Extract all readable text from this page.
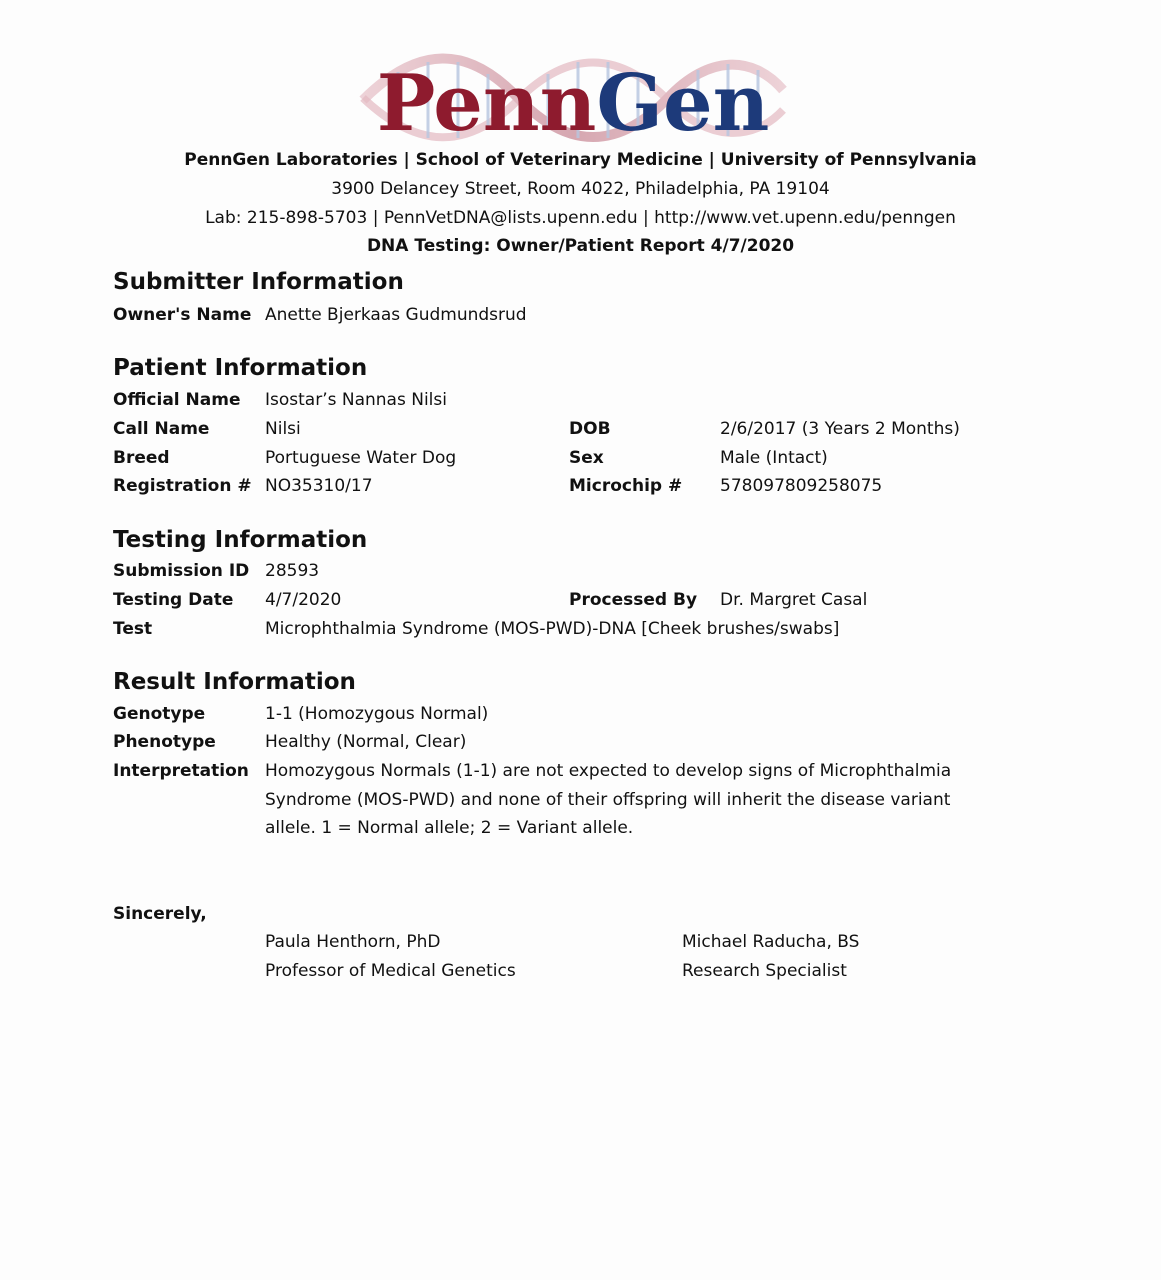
PennGen
PennGen Laboratories | School of Veterinary Medicine | University of Pennsylvania
3900 Delancey Street, Room 4022, Philadelphia, PA 19104
Lab: 215-898-5703 | PennVetDNA@lists.upenn.edu | http://www.vet.upenn.edu/penngen
DNA Testing: Owner/Patient Report 4/7/2020
Submitter Information
Owner's Name Anette Bjerkaas Gudmundsrud
Patient Information
Official Name Isostar’s Nannas Nilsi
Call Name	Nilsi	DOB	2/6/2017 (3 Years 2 Months)
Breed	Portuguese Water Dog	Sex	Male (Intact)
Registration # NO35310/17	Microchip # 578097809258075
Testing Information
Submission ID 28593
Testing Date 4/7/2020	Processed By Dr. Margret Casal
Test	Microphthalmia Syndrome (MOS-PWD)-DNA [Cheek brushes/swabs]
Result Information
Genotype	1-1 (Homozygous Normal)
Phenotype	Healthy (Normal, Clear)
Interpretation Homozygous Normals (1-1) are not expected to develop signs of Microphthalmia
Syndrome (MOS-PWD) and none of their offspring will inherit the disease variant
allele. 1 = Normal allele; 2 = Variant allele.
Sincerely,
Paula Henthorn, PhD
Professor of Medical Genetics
Michael Raducha, BS
Research Specialist
